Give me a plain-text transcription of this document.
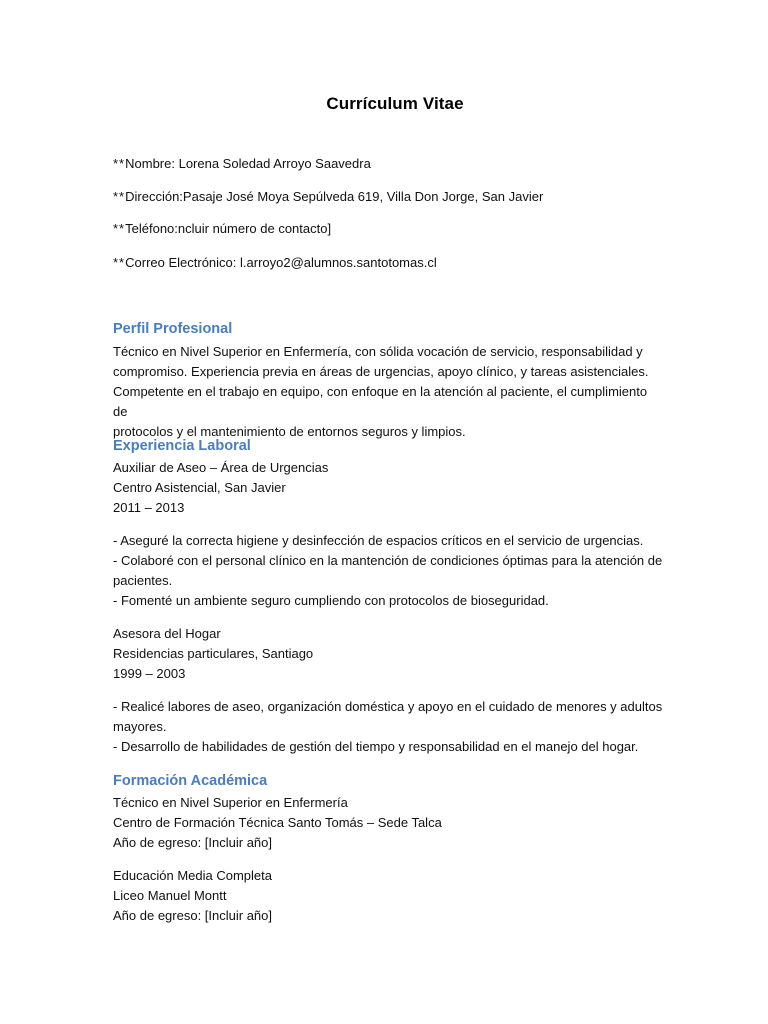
Currículum Vitae
**Nombre: Lorena Soledad Arroyo Saavedra
**Dirección:Pasaje José Moya Sepúlveda 619, Villa Don Jorge, San Javier
**Teléfono:ncluir número de contacto]
**Correo Electrónico: l.arroyo2@alumnos.santotomas.cl
Perfil Profesional
Técnico en Nivel Superior en Enfermería, con sólida vocación de servicio, responsabilidad y
compromiso. Experiencia previa en áreas de urgencias, apoyo clínico, y tareas asistenciales.
Competente en el trabajo en equipo, con enfoque en la atención al paciente, el cumplimiento de
protocolos y el mantenimiento de entornos seguros y limpios.
Experiencia Laboral
Auxiliar de Aseo – Área de Urgencias
Centro Asistencial, San Javier
2011 – 2013
- Aseguré la correcta higiene y desinfección de espacios críticos en el servicio de urgencias.
- Colaboré con el personal clínico en la mantención de condiciones óptimas para la atención de
pacientes.
- Fomenté un ambiente seguro cumpliendo con protocolos de bioseguridad.
Asesora del Hogar
Residencias particulares, Santiago
1999 – 2003
- Realicé labores de aseo, organización doméstica y apoyo en el cuidado de menores y adultos
mayores.
- Desarrollo de habilidades de gestión del tiempo y responsabilidad en el manejo del hogar.
Formación Académica
Técnico en Nivel Superior en Enfermería
Centro de Formación Técnica Santo Tomás – Sede Talca
Año de egreso: [Incluir año]
Educación Media Completa
Liceo Manuel Montt
Año de egreso: [Incluir año]
